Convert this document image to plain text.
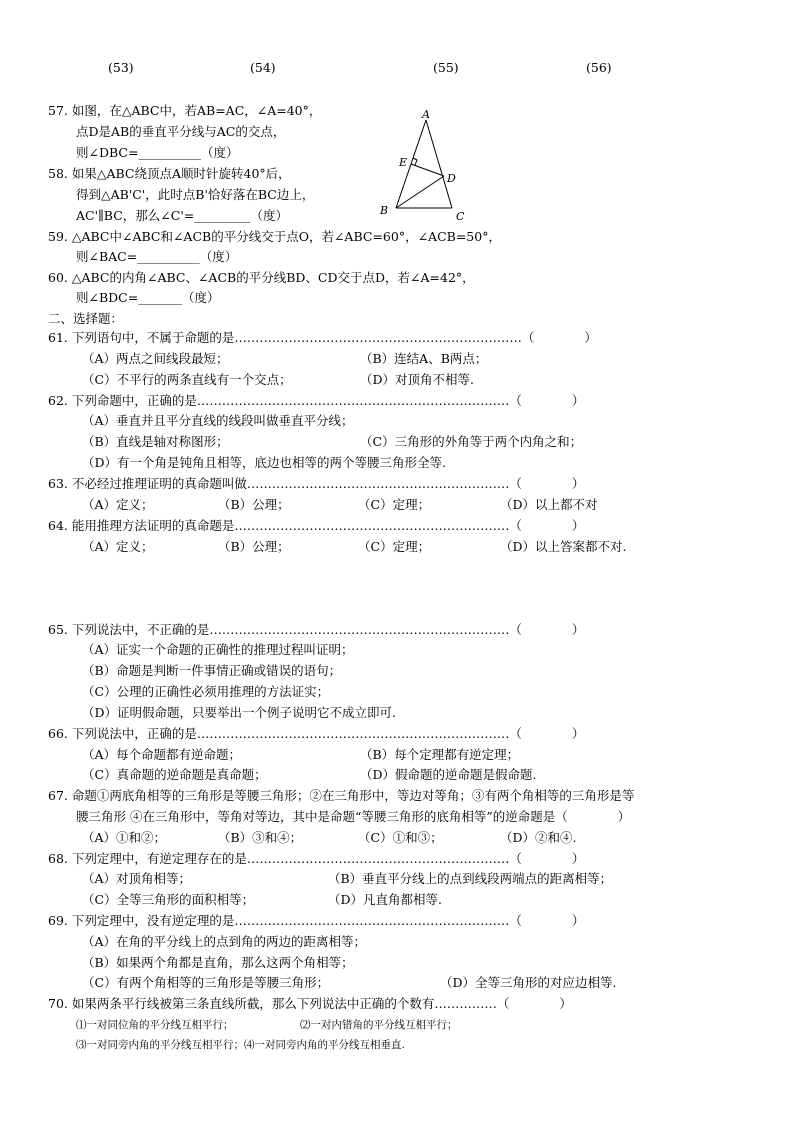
(53)	(54)	(55)	(56)
57. 如图，在△ABC中，若AB=AC，∠A=40°，
点D是AB的垂直平分线与AC的交点，
则∠DBC=__________（度）
58. 如果△ABC绕顶点A顺时针旋转40°后，
得到△AB'C'，此时点B'恰好落在BC边上，
AC'∥BC，那么∠C'=_________（度）
59. △ABC中∠ABC和∠ACB的平分线交于点O，若∠ABC=60°，∠ACB=50°，
则∠BAC=__________（度）
60. △ABC的内角∠ABC、∠ACB的平分线BD、CD交于点D，若∠A=42°，
则∠BDC=_______（度）
A
B	C
D
E
二、选择题：
61. 下列语句中，不属于命题的是……………………………………………………………（　　　　）
（A）两点之间线段最短；	（B）连结A、B两点；
（C）不平行的两条直线有一个交点；	（D）对顶角不相等.
62. 下列命题中，正确的是…………………………………………………………………（　　　　）
（A）垂直并且平分直线的线段叫做垂直平分线；
（B）直线是轴对称图形；	（C）三角形的外角等于两个内角之和；
（D）有一个角是钝角且相等，底边也相等的两个等腰三角形全等.
63. 不必经过推理证明的真命题叫做………………………………………………………（　　　　）
（A）定义；	（B）公理；	（C）定理；	（D）以上都不对
64. 能用推理方法证明的真命题是…………………………………………………………（　　　　）
（A）定义；	（B）公理；	（C）定理；	（D）以上答案都不对.
65. 下列说法中，不正确的是………………………………………………………………（　　　　）
（A）证实一个命题的正确性的推理过程叫证明；
（B）命题是判断一件事情正确或错误的语句；
（C）公理的正确性必须用推理的方法证实；
（D）证明假命题，只要举出一个例子说明它不成立即可.
66. 下列说法中，正确的是…………………………………………………………………（　　　　）
（A）每个命题都有逆命题；	（B）每个定理都有逆定理；
（C）真命题的逆命题是真命题；	（D）假命题的逆命题是假命题.
67. 命题①两底角相等的三角形是等腰三角形；②在三角形中，等边对等角；③有两个角相等的三角形是等
腰三角形 ④在三角形中，等角对等边，其中是命题“等腰三角形的底角相等”的逆命题是（　　　　）
（A）①和②；	（B）③和④；	（C）①和③；	（D）②和④.
68. 下列定理中，有逆定理存在的是………………………………………………………（　　　　）
（A）对顶角相等；	（B）垂直平分线上的点到线段两端点的距离相等；
（C）全等三角形的面积相等；	（D）凡直角都相等.
69. 下列定理中，没有逆定理的是…………………………………………………………（　　　　）
（A）在角的平分线上的点到角的两边的距离相等；
（B）如果两个角都是直角，那么这两个角相等；
（C）有两个角相等的三角形是等腰三角形；	（D）全等三角形的对应边相等.
70. 如果两条平行线被第三条直线所截，那么下列说法中正确的个数有……………（　　　　）
⑴一对同位角的平分线互相平行；	⑵一对内错角的平分线互相平行；
⑶一对同旁内角的平分线互相平行；⑷一对同旁内角的平分线互相垂直.
